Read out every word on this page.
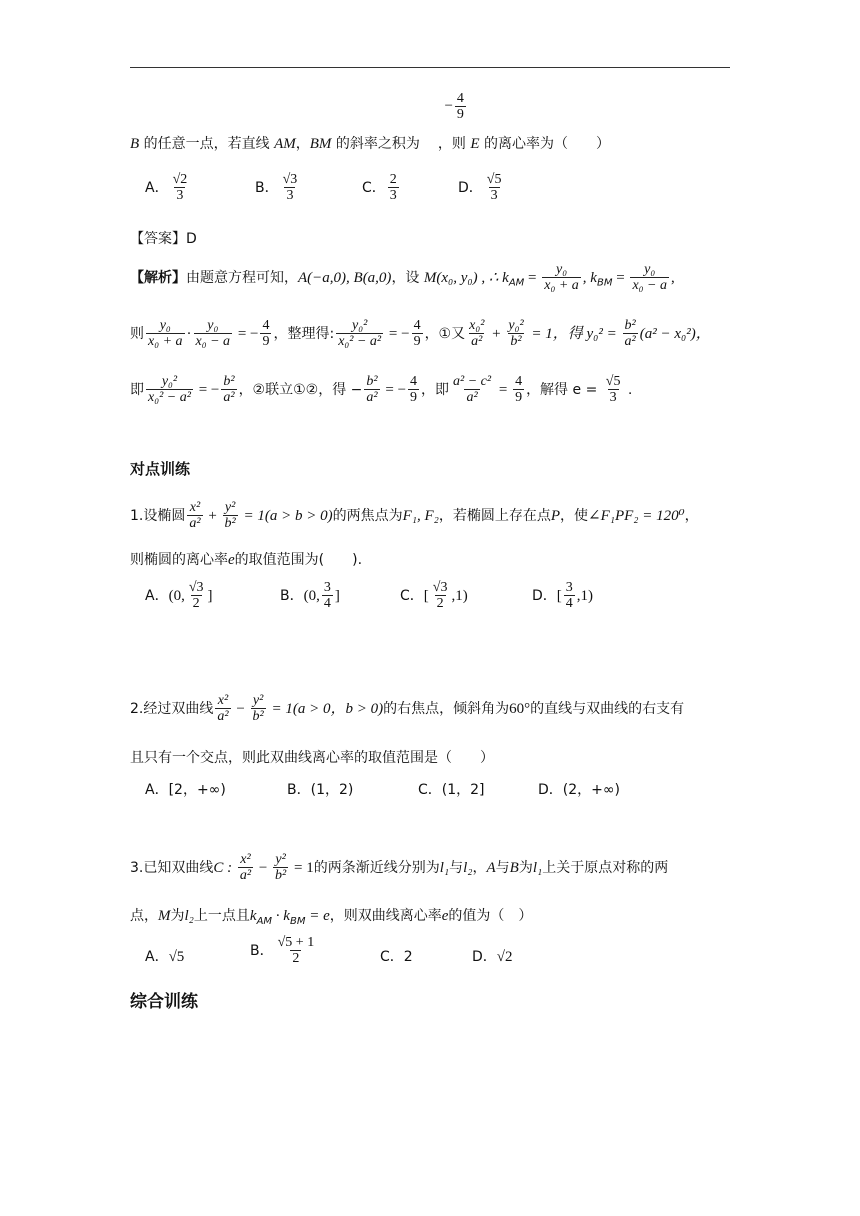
− $\frac{4}{9}$
B 的任意一点，若直线 AM，BM 的斜率之积为 ，则 E 的离心率为（　　）
A． $\frac{√2}{3}$	B． $\frac{√3}{3}$	C． $\frac{2}{3}$	D． $\frac{√5}{3}$
【答案】D
【解析】由题意方程可知，A(−a,0), B(a,0)，设 M(x₀, y₀) , ∴ $k_{AM} = \frac{\text{y₀}}{\text{x₀ + a}}$ , $k_{BM} = \frac{\text{y₀}}{\text{x₀ − a}}$ ,
则 $\frac{\text{y₀}}{\text{x₀ + a}} \cdot \frac{\text{y₀}}{\text{x₀ − a}}$ = − $\frac{4}{9}$ ，整理得: $\frac{\text{y₀²}}{\text{x₀² − a²}}$ = − $\frac{4}{9}$ ，①又 $\frac{\text{x₀²}}{\text{a²}} + \frac{\text{y₀²}}{\text{b²}} = 1$，得 $y_0^2 = \frac{\text{b²}}{\text{a²}} (a^2 - x_0^2)$，
即 $\frac{\text{y₀²}}{\text{x₀² − a²}}$ = − $\frac{\text{b²}}{\text{a²}}$ ，②联立①②，得 − $\frac{\text{b²}}{\text{a²}}$ = − $\frac{4}{9}$ ，即 $\frac{\text{a² − c²}}{\text{a²}} = \frac{4}{9}$ ，解得 $e = \frac{√5}{3}$ .
对点训练
1.设椭圆 $\frac{\text{x²}}{\text{a²}} + \frac{\text{y²}}{\text{b²}} = 1(a > b > 0)$的两焦点为F₁, F₂，若椭圆上存在点P，使∠F₁PF₂ = 120⁰，
则椭圆的离心率e的取值范围为(　　).
A．(0, $\frac{√3}{2}$ ]	B．(0, $\frac{3}{4}$ ]	C．[ $\frac{√3}{2} ,1$)	D．[ $\frac{3}{4} ,1$)
2.经过双曲线 $\frac{\text{x²}}{\text{a²}} - \frac{\text{y²}}{\text{b²}} = 1(a > 0$，b > 0)的右焦点，倾斜角为60°的直线与双曲线的右支有
且只有一个交点，则此双曲线离心率的取值范围是（　　）
A．[2，+∞)	B．(1，2)	C．(1，2]	D．(2，+∞)
3.已知双曲线C : $\frac{\text{x²}}{\text{a²}} - \frac{\text{y²}}{\text{b²}} = 1$的两条渐近线分别为l₁与l₂，A与B为l₁上关于原点对称的两
点，M为l₂上一点且$k_{AM} \cdot k_{BM} = e$，则双曲线离心率e的值为（　）
A．√5	B． $\frac{√5 + 1}{2}$	C．2	D．√2
综合训练
